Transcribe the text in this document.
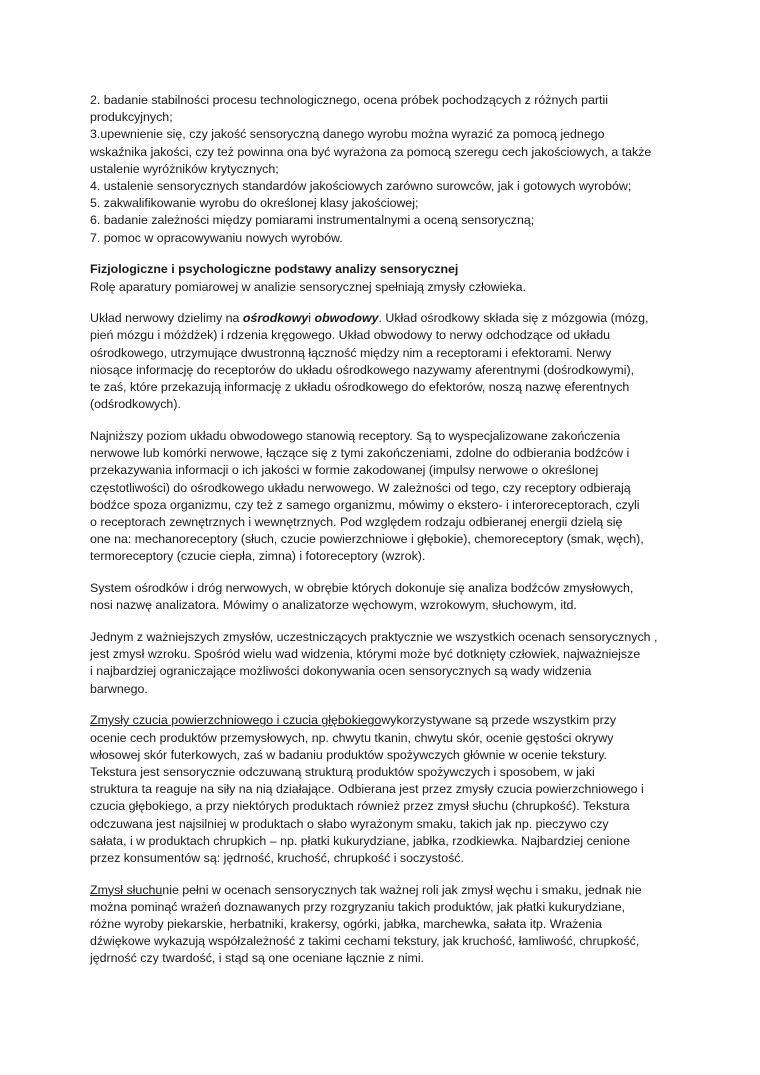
2. badanie stabilności procesu technologicznego, ocena próbek pochodzących z różnych partii
produkcyjnych;
3.upewnienie się, czy jakość sensoryczną danego wyrobu można wyrazić za pomocą jednego
wskaźnika jakości, czy też powinna ona być wyrażona za pomocą szeregu cech jakościowych, a także
ustalenie wyróżników krytycznych;
4. ustalenie sensorycznych standardów jakościowych zarówno surowców, jak i gotowych wyrobów;
5. zakwalifikowanie wyrobu do określonej klasy jakościowej;
6. badanie zależności między pomiarami instrumentalnymi a oceną sensoryczną;
7. pomoc w opracowywaniu nowych wyrobów.
Fizjologiczne i psychologiczne podstawy analizy sensorycznej
Rolę aparatury pomiarowej w analizie sensorycznej spełniają zmysły człowieka.
Układ nerwowy dzielimy na ośrodkowyi obwodowy. Układ ośrodkowy składa się z mózgowia (mózg,
pień mózgu i móżdżek) i rdzenia kręgowego. Układ obwodowy to nerwy odchodzące od układu
ośrodkowego, utrzymujące dwustronną łączność między nim a receptorami i efektorami. Nerwy
niosące informację do receptorów do układu ośrodkowego nazywamy aferentnymi (dośrodkowymi),
te zaś, które przekazują informację z układu ośrodkowego do efektorów, noszą nazwę eferentnych
(odśrodkowych).
Najniższy poziom układu obwodowego stanowią receptory. Są to wyspecjalizowane zakończenia
nerwowe lub komórki nerwowe, łączące się z tymi zakończeniami, zdolne do odbierania bodźców i
przekazywania informacji o ich jakości w formie zakodowanej (impulsy nerwowe o określonej
częstotliwości) do ośrodkowego układu nerwowego. W zależności od tego, czy receptory odbierają
bodźce spoza organizmu, czy też z samego organizmu, mówimy o ekstero- i interoreceptorach, czyli
o receptorach zewnętrznych i wewnętrznych. Pod względem rodzaju odbieranej energii dzielą się
one na: mechanoreceptory (słuch, czucie powierzchniowe i głębokie), chemoreceptory (smak, węch),
termoreceptory (czucie ciepła, zimna) i fotoreceptory (wzrok).
System ośrodków i dróg nerwowych, w obrębie których dokonuje się analiza bodźców zmysłowych,
nosi nazwę analizatora. Mówimy o analizatorze węchowym, wzrokowym, słuchowym, itd.
Jednym z ważniejszych zmysłów, uczestniczących praktycznie we wszystkich ocenach sensorycznych ,
jest zmysł wzroku. Spośród wielu wad widzenia, którymi może być dotknięty człowiek, najważniejsze
i najbardziej ograniczające możliwości dokonywania ocen sensorycznych są wady widzenia
barwnego.
Zmysły czucia powierzchniowego i czucia głębokiegowykorzystywane są przede wszystkim przy
ocenie cech produktów przemysłowych, np. chwytu tkanin, chwytu skór, ocenie gęstości okrywy
włosowej skór futerkowych, zaś w badaniu produktów spożywczych głównie w ocenie tekstury.
Tekstura jest sensorycznie odczuwaną strukturą produktów spożywczych i sposobem, w jaki
struktura ta reaguje na siły na nią działające. Odbierana jest przez zmysły czucia powierzchniowego i
czucia głębokiego, a przy niektórych produktach również przez zmysł słuchu (chrupkość). Tekstura
odczuwana jest najsilniej w produktach o słabo wyrażonym smaku, takich jak np. pieczywo czy
sałata, i w produktach chrupkich – np. płatki kukurydziane, jabłka, rzodkiewka. Najbardziej cenione
przez konsumentów są: jędrność, kruchość, chrupkość i soczystość.
Zmysł słuchunie pełni w ocenach sensorycznych tak ważnej roli jak zmysł węchu i smaku, jednak nie
można pominąć wrażeń doznawanych przy rozgryzaniu takich produktów, jak płatki kukurydziane,
różne wyroby piekarskie, herbatniki, krakersy, ogórki, jabłka, marchewka, sałata itp. Wrażenia
dźwiękowe wykazują współzależność z takimi cechami tekstury, jak kruchość, łamliwość, chrupkość,
jędrność czy twardość, i stąd są one oceniane łącznie z nimi.
